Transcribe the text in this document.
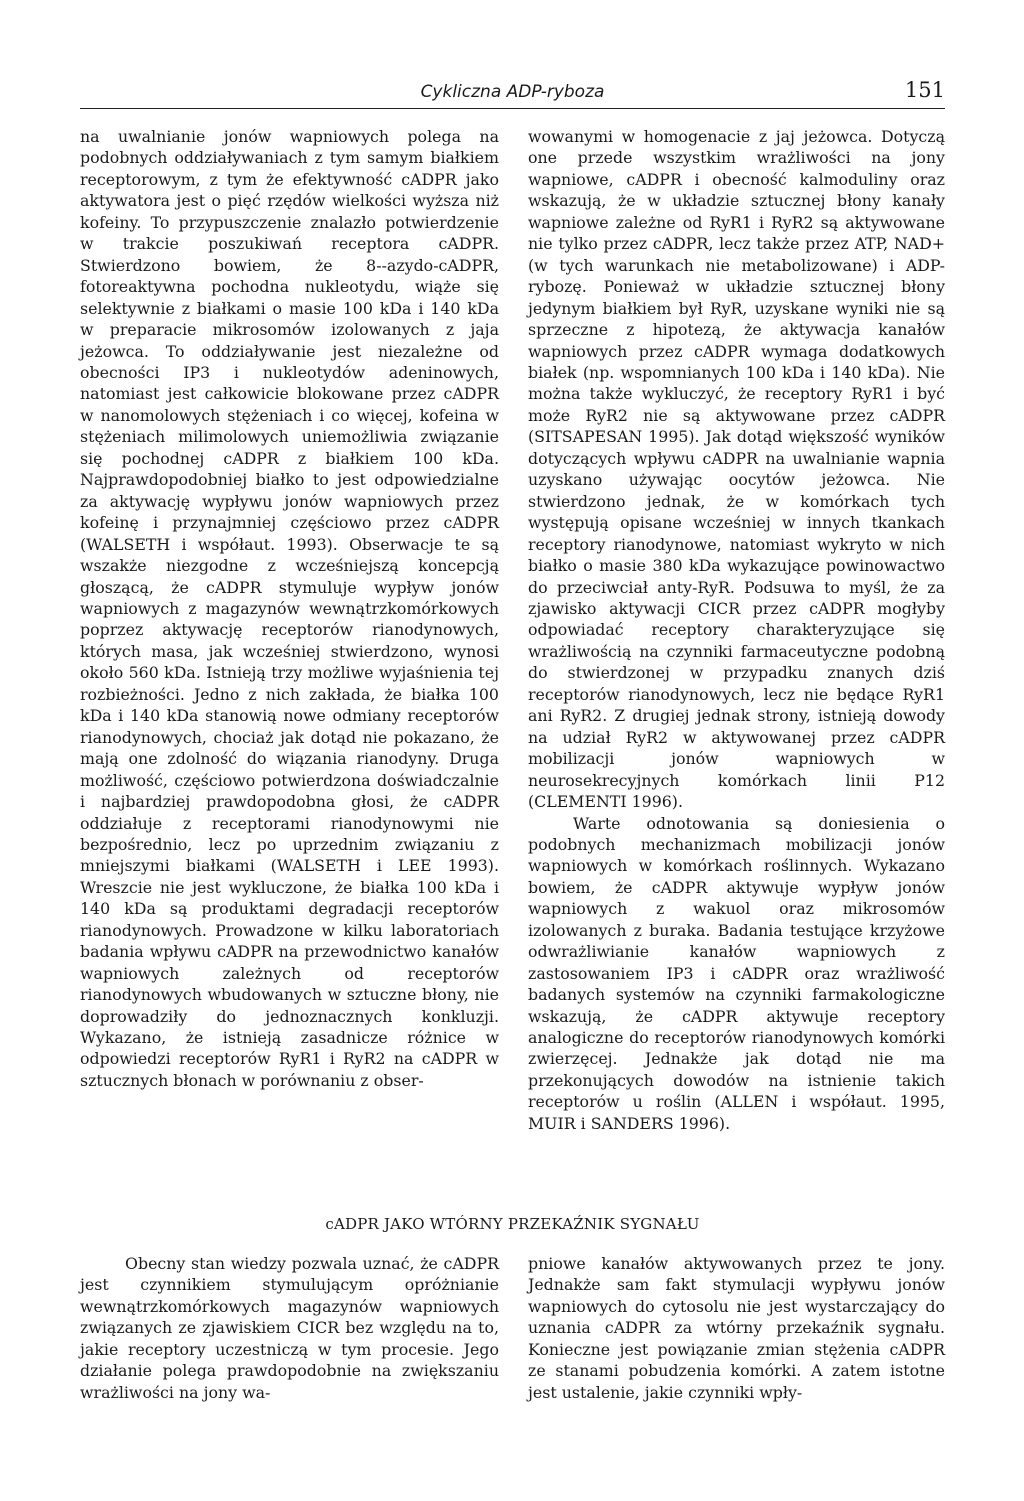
Cykliczna ADP-ryboza	151

na uwalnianie jonów wapniowych polega na podobnych oddziaływaniach z tym samym białkiem receptorowym, z tym że efektywność cADPR jako aktywatora jest o pięć rzędów wielkości wyższa niż kofeiny. To przypuszczenie znalazło potwierdzenie w trakcie poszukiwań receptora cADPR. Stwierdzono bowiem, że 8--azydo-cADPR, fotoreaktywna pochodna nukleotydu, wiąże się selektywnie z białkami o masie 100 kDa i 140 kDa w preparacie mikrosomów izolowanych z jaja jeżowca. To oddziaływanie jest niezależne od obecności IP3 i nukleotydów adeninowych, natomiast jest całkowicie blokowane przez cADPR w nanomolowych stężeniach i co więcej, kofeina w stężeniach milimolowych uniemożliwia związanie się pochodnej cADPR z białkiem 100 kDa. Najprawdopodobniej białko to jest odpowiedzialne za aktywację wypływu jonów wapniowych przez kofeinę i przynajmniej częściowo przez cADPR (WALSETH i współaut. 1993). Obserwacje te są wszakże niezgodne z wcześniejszą koncepcją głoszącą, że cADPR stymuluje wypływ jonów wapniowych z magazynów wewnątrzkomórkowych poprzez aktywację receptorów rianodynowych, których masa, jak wcześniej stwierdzono, wynosi około 560 kDa. Istnieją trzy możliwe wyjaśnienia tej rozbieżności. Jedno z nich zakłada, że białka 100 kDa i 140 kDa stanowią nowe odmiany receptorów rianodynowych, chociaż jak dotąd nie pokazano, że mają one zdolność do wiązania rianodyny. Druga możliwość, częściowo potwierdzona doświadczalnie i najbardziej prawdopodobna głosi, że cADPR oddziałuje z receptorami rianodynowymi nie bezpośrednio, lecz po uprzednim związaniu z mniejszymi białkami (WALSETH i LEE 1993). Wreszcie nie jest wykluczone, że białka 100 kDa i 140 kDa są produktami degradacji receptorów rianodynowych. Prowadzone w kilku laboratoriach badania wpływu cADPR na przewodnictwo kanałów wapniowych zależnych od receptorów rianodynowych wbudowanych w sztuczne błony, nie doprowadziły do jednoznacznych konkluzji. Wykazano, że istnieją zasadnicze różnice w odpowiedzi receptorów RyR1 i RyR2 na cADPR w sztucznych błonach w porównaniu z obser-

wowanymi w homogenacie z jaj jeżowca. Dotyczą one przede wszystkim wrażliwości na jony wapniowe, cADPR i obecność kalmoduliny oraz wskazują, że w układzie sztucznej błony kanały wapniowe zależne od RyR1 i RyR2 są aktywowane nie tylko przez cADPR, lecz także przez ATP, NAD+ (w tych warunkach nie metabolizowane) i ADP-rybozę. Ponieważ w układzie sztucznej błony jedynym białkiem był RyR, uzyskane wyniki nie są sprzeczne z hipotezą, że aktywacja kanałów wapniowych przez cADPR wymaga dodatkowych białek (np. wspomnianych 100 kDa i 140 kDa). Nie można także wykluczyć, że receptory RyR1 i być może RyR2 nie są aktywowane przez cADPR (SITSAPESAN 1995). Jak dotąd większość wyników dotyczących wpływu cADPR na uwalnianie wapnia uzyskano używając oocytów jeżowca. Nie stwierdzono jednak, że w komórkach tych występują opisane wcześniej w innych tkankach receptory rianodynowe, natomiast wykryto w nich białko o masie 380 kDa wykazujące powinowactwo do przeciwciał anty-RyR. Podsuwa to myśl, że za zjawisko aktywacji CICR przez cADPR mogłyby odpowiadać receptory charakteryzujące się wrażliwością na czynniki farmaceutyczne podobną do stwierdzonej w przypadku znanych dziś receptorów rianodynowych, lecz nie będące RyR1 ani RyR2. Z drugiej jednak strony, istnieją dowody na udział RyR2 w aktywowanej przez cADPR mobilizacji jonów wapniowych w neurosekrecyjnych komórkach linii P12 (CLEMENTI 1996).

Warte odnotowania są doniesienia o podobnych mechanizmach mobilizacji jonów wapniowych w komórkach roślinnych. Wykazano bowiem, że cADPR aktywuje wypływ jonów wapniowych z wakuol oraz mikrosomów izolowanych z buraka. Badania testujące krzyżowe odwrażliwianie kanałów wapniowych z zastosowaniem IP3 i cADPR oraz wrażliwość badanych systemów na czynniki farmakologiczne wskazują, że cADPR aktywuje receptory analogiczne do receptorów rianodynowych komórki zwierzęcej. Jednakże jak dotąd nie ma przekonujących dowodów na istnienie takich receptorów u roślin (ALLEN i współaut. 1995, MUIR i SANDERS 1996).

cADPR JAKO WTÓRNY PRZEKAŹNIK SYGNAŁU

Obecny stan wiedzy pozwala uznać, że cADPR jest czynnikiem stymulującym opróżnianie wewnątrzkomórkowych magazynów wapniowych związanych ze zjawiskiem CICR bez względu na to, jakie receptory uczestniczą w tym procesie. Jego działanie polega prawdopodobnie na zwiększaniu wrażliwości na jony wa-

pniowe kanałów aktywowanych przez te jony. Jednakże sam fakt stymulacji wypływu jonów wapniowych do cytosolu nie jest wystarczający do uznania cADPR za wtórny przekaźnik sygnału. Konieczne jest powiązanie zmian stężenia cADPR ze stanami pobudzenia komórki. A zatem istotne jest ustalenie, jakie czynniki wpły-
